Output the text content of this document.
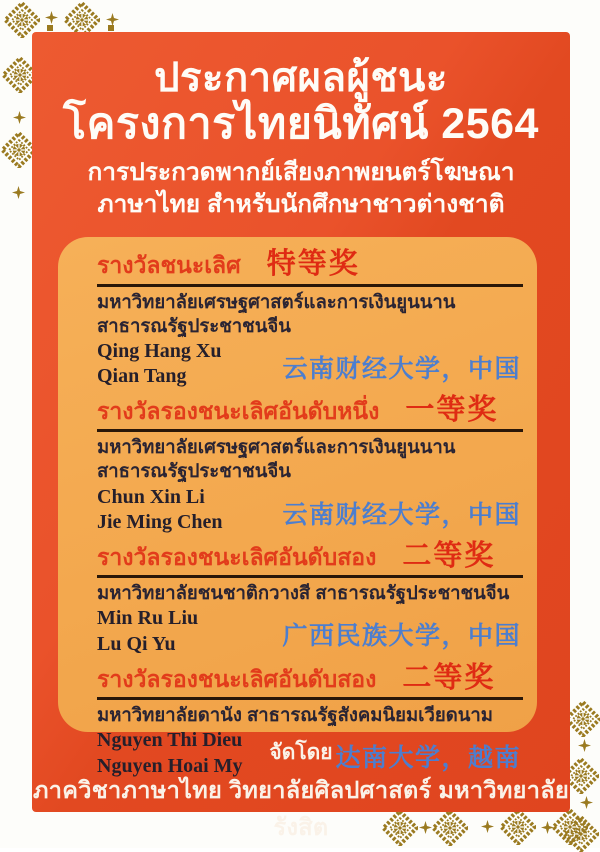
ประกาศผลผู้ชนะ
โครงการไทยนิทัศน์ 2564
การประกวดพากย์เสียงภาพยนตร์โฆษณา
ภาษาไทย สำหรับนักศึกษาชาวต่างชาติ
รางวัลชนะเลิศ 特等奖
มหาวิทยาลัยเศรษฐศาสตร์และการเงินยูนนาน สาธารณรัฐประชาชนจีน
Qing Hang Xu
Qian Tang	云南财经大学，中国
รางวัลรองชนะเลิศอันดับหนึ่ง 一等奖
มหาวิทยาลัยเศรษฐศาสตร์และการเงินยูนนาน สาธารณรัฐประชาชนจีน
Chun Xin Li
Jie Ming Chen	云南财经大学，中国
รางวัลรองชนะเลิศอันดับสอง 二等奖
มหาวิทยาลัยชนชาติกวางสี สาธารณรัฐประชาชนจีน
Min Ru Liu
Lu Qi Yu	广西民族大学，中国
รางวัลรองชนะเลิศอันดับสอง 二等奖
มหาวิทยาลัยดานัง สาธารณรัฐสังคมนิยมเวียดนาม
Nguyen Thi Dieu
Nguyen Hoai My	达南大学，越南
จัดโดย
ภาควิชาภาษาไทย วิทยาลัยศิลปศาสตร์ มหาวิทยาลัยรังสิต
